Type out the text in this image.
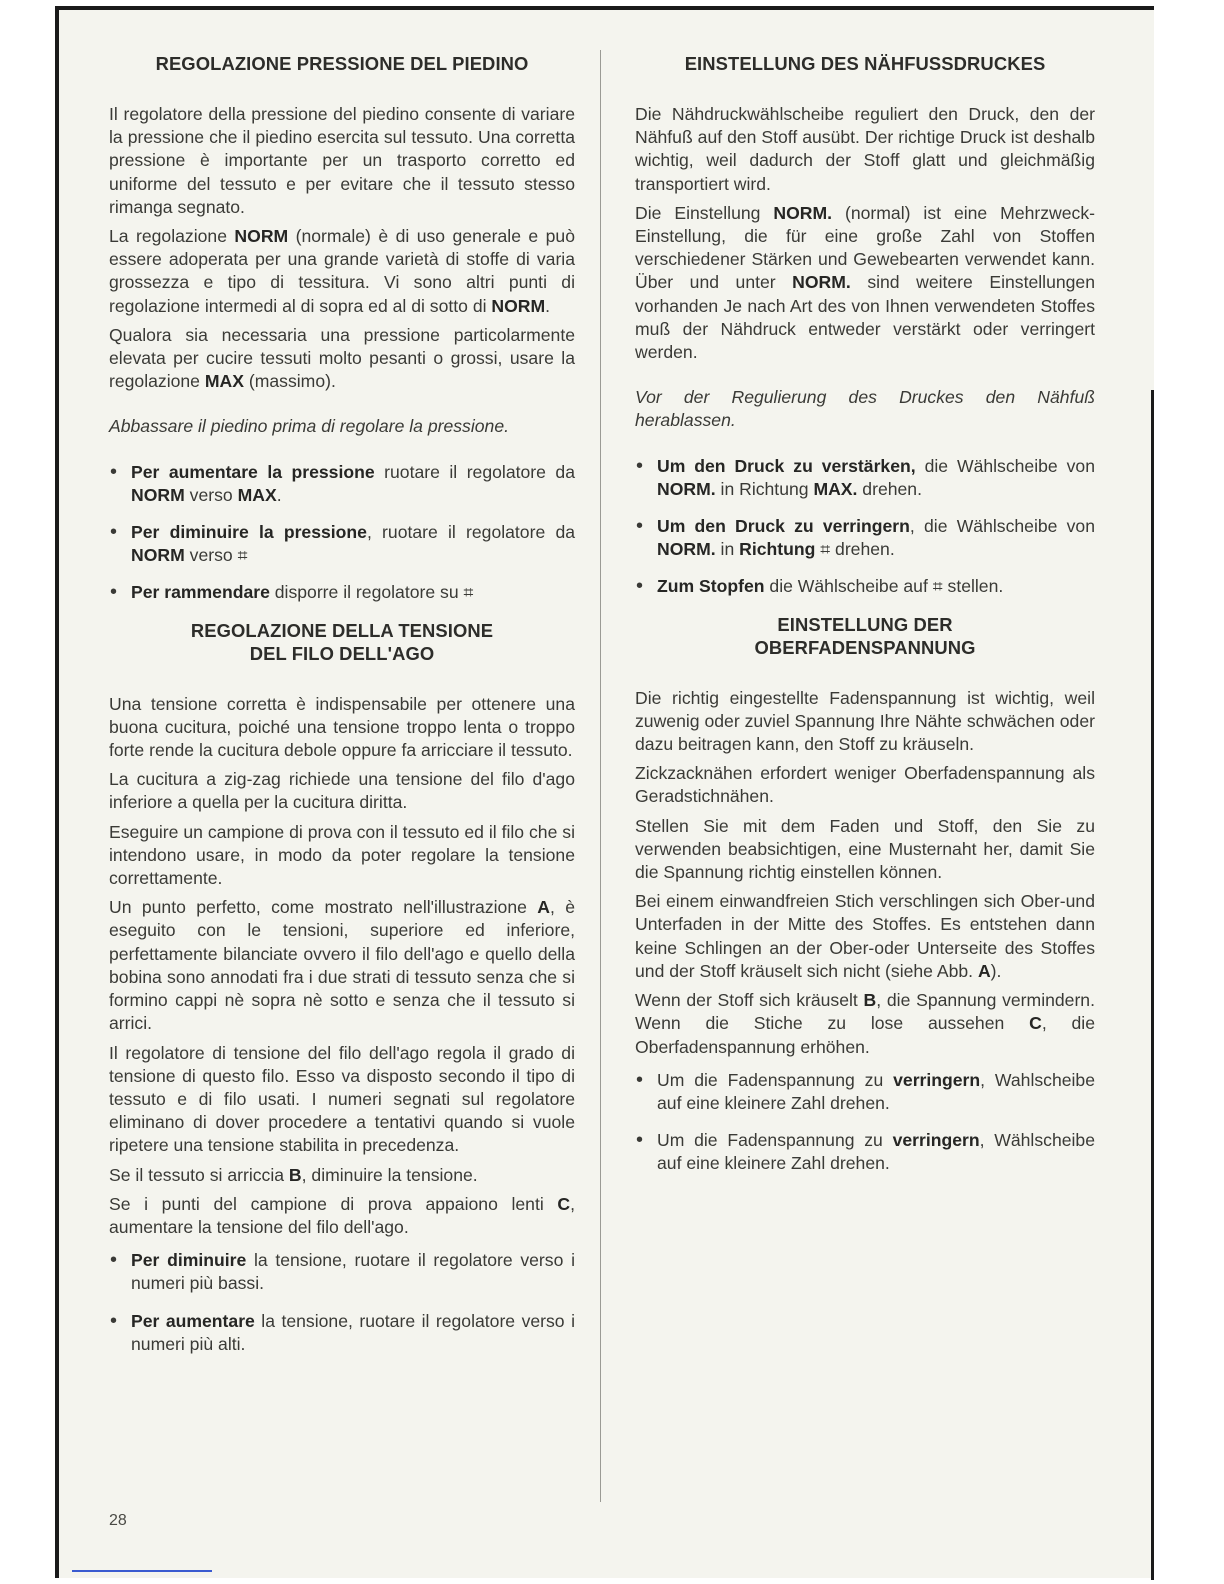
REGOLAZIONE PRESSIONE DEL PIEDINO

Il regolatore della pressione del piedino consente di variare la pressione che il piedino esercita sul tessuto. Una corretta pressione è importante per un trasporto corretto ed uniforme del tessuto e per evitare che il tessuto stesso rimanga segnato.

La regolazione NORM (normale) è di uso generale e può essere adoperata per una grande varietà di stoffe di varia grossezza e tipo di tessitura. Vi sono altri punti di regolazione intermedi al di sopra ed al di sotto di NORM.

Qualora sia necessaria una pressione particolarmente elevata per cucire tessuti molto pesanti o grossi, usare la regolazione MAX (massimo).

Abbassare il piedino prima di regolare la pressione.

• Per aumentare la pressione ruotare il regolatore da NORM verso MAX.
• Per diminuire la pressione, ruotare il regolatore da NORM verso ⌗
• Per rammendare disporre il regolatore su ⌗
REGOLAZIONE DELLA TENSIONE
DEL FILO DELL'AGO

Una tensione corretta è indispensabile per ottenere una buona cucitura, poiché una tensione troppo lenta o troppo forte rende la cucitura debole oppure fa arricciare il tessuto.

La cucitura a zig-zag richiede una tensione del filo d'ago inferiore a quella per la cucitura diritta.

Eseguire un campione di prova con il tessuto ed il filo che si intendono usare, in modo da poter regolare la tensione correttamente.

Un punto perfetto, come mostrato nell'illustrazione A, è eseguito con le tensioni, superiore ed inferiore, perfettamente bilanciate ovvero il filo dell'ago e quello della bobina sono annodati fra i due strati di tessuto senza che si formino cappi nè sopra nè sotto e senza che il tessuto si arrici.

Il regolatore di tensione del filo dell'ago regola il grado di tensione di questo filo. Esso va disposto secondo il tipo di tessuto e di filo usati. I numeri segnati sul regolatore eliminano di dover procedere a tentativi quando si vuole ripetere una tensione stabilita in precedenza.

Se il tessuto si arriccia B, diminuire la tensione.

Se i punti del campione di prova appaiono lenti C, aumentare la tensione del filo dell'ago.

• Per diminuire la tensione, ruotare il regolatore verso i numeri più bassi.
• Per aumentare la tensione, ruotare il regolatore verso i numeri più alti.
EINSTELLUNG DES NÄHFUSSDRUCKES

Die Nähdruckwählscheibe reguliert den Druck, den der Nähfuß auf den Stoff ausübt. Der richtige Druck ist deshalb wichtig, weil dadurch der Stoff glatt und gleichmäßig transportiert wird.

Die Einstellung NORM. (normal) ist eine Mehrzweck-Einstellung, die für eine große Zahl von Stoffen verschiedener Stärken und Gewebearten verwendet kann. Über und unter NORM. sind weitere Einstellungen vorhanden Je nach Art des von Ihnen verwendeten Stoffes muß der Nähdruck entweder verstärkt oder verringert werden.

Vor der Regulierung des Druckes den Nähfuß herablassen.

• Um den Druck zu verstärken, die Wählscheibe von NORM. in Richtung MAX. drehen.
• Um den Druck zu verringern, die Wählscheibe von NORM. in Richtung ⌗ drehen.
• Zum Stopfen die Wählscheibe auf ⌗ stellen.
EINSTELLUNG DER
OBERFADENSPANNUNG

Die richtig eingestellte Fadenspannung ist wichtig, weil zuwenig oder zuviel Spannung Ihre Nähte schwächen oder dazu beitragen kann, den Stoff zu kräuseln.

Zickzacknähen erfordert weniger Oberfadenspannung als Geradstichnähen.

Stellen Sie mit dem Faden und Stoff, den Sie zu verwenden beabsichtigen, eine Musternaht her, damit Sie die Spannung richtig einstellen können.

Bei einem einwandfreien Stich verschlingen sich Ober-und Unterfaden in der Mitte des Stoffes. Es entstehen dann keine Schlingen an der Ober-oder Unterseite des Stoffes und der Stoff kräuselt sich nicht (siehe Abb. A).

Wenn der Stoff sich kräuselt B, die Spannung vermindern. Wenn die Stiche zu lose aussehen C, die Oberfadenspannung erhöhen.

• Um die Fadenspannung zu verringern, Wahlscheibe auf eine kleinere Zahl drehen.
• Um die Fadenspannung zu verringern, Wählscheibe auf eine kleinere Zahl drehen.
28
